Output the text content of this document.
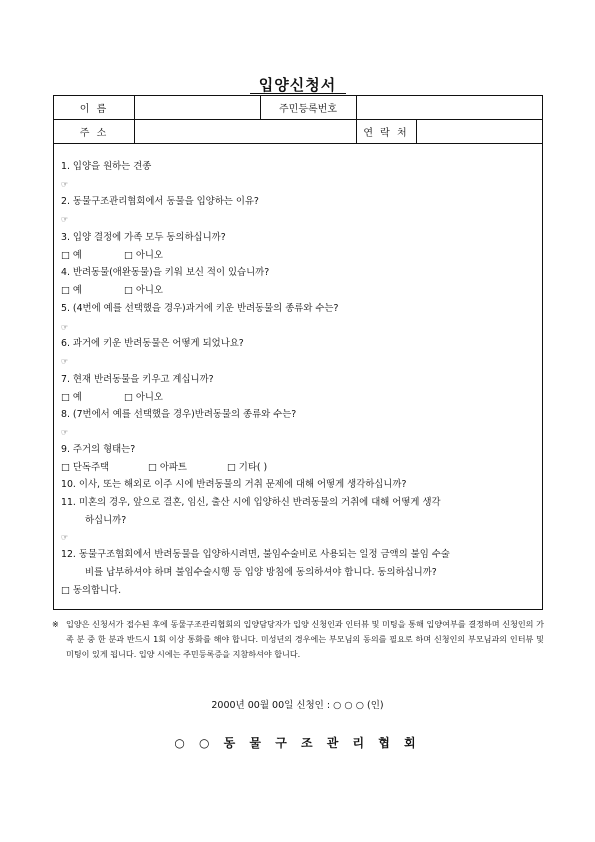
입양신청서
이 름	주민등록번호
주 소	연 락 처
1. 입양을 원하는 견종
☞
2. 동물구조관리협회에서 동물을 입양하는 이유?
☞
3. 입양 결정에 가족 모두 동의하십니까?
□ 예	□ 아니오
4. 반려동물(애완동물)을 키워 보신 적이 있습니까?
□ 예	□ 아니오
5. (4번에 예를 선택했을 경우)과거에 키운 반려동물의 종류와 수는?
☞
6. 과거에 키운 반려동물은 어떻게 되었나요?
☞
7. 현재 반려동물을 키우고 계십니까?
□ 예	□ 아니오
8. (7번에서 예를 선택했을 경우)반려동물의 종류와 수는?
☞
9. 주거의 형태는?
□ 단독주택	□ 아파트	□ 기타( )
10. 이사, 또는 해외로 이주 시에 반려동물의 거취 문제에 대해 어떻게 생각하십니까?
11. 미혼의 경우, 앞으로 결혼, 임신, 출산 시에 입양하신 반려동물의 거취에 대해 어떻게 생각
하십니까?
☞
12. 동물구조협회에서 반려동물을 입양하시려면, 불임수술비로 사용되는 일정 금액의 불임 수술
비를 납부하셔야 하며 불임수술시행 등 입양 방침에 동의하셔야 합니다. 동의하십니까?
□ 동의합니다.
※ 입양은 신청서가 접수된 후에 동물구조관리협회의 입양담당자가 입양 신청인과 인터뷰 및 미팅을 통해 입양여부를 결정하며 신청인의 가족 분 중 한 분과 반드시 1회 이상 통화를 해야 합니다. 미성년의 경우에는 부모님의 동의를 필요로 하며 신청인의 부모님과의 인터뷰 및 미팅이 있게 됩니다. 입양 시에는 주민등록증을 지참하셔야 합니다.
2000년 00월 00일 신청인 : ○ ○ ○ (인)
○ ○ 동 물 구 조 관 리 협 회
